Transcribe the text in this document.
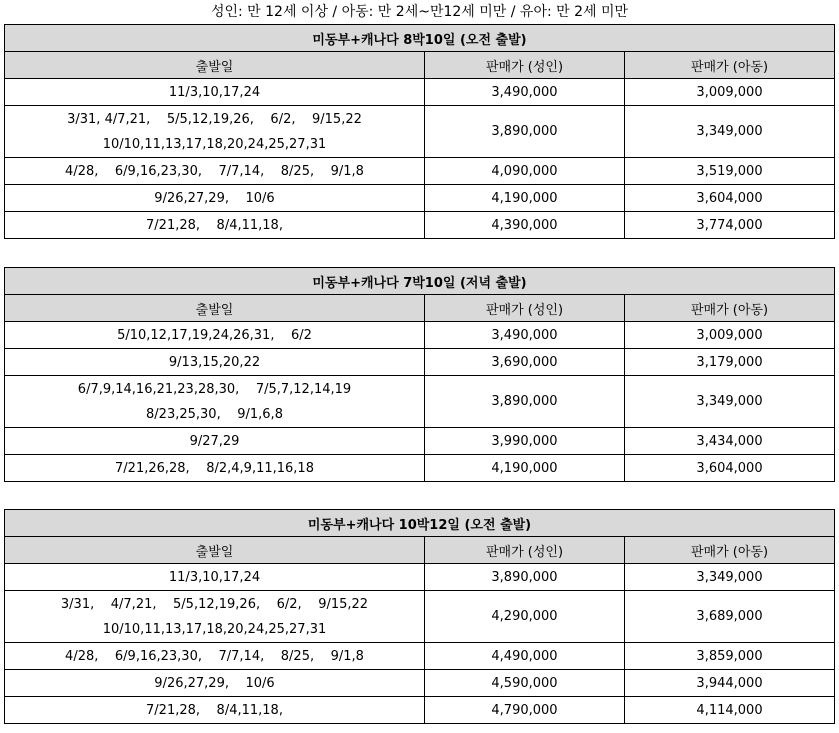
성인: 만 12세 이상 / 아동: 만 2세~만12세 미만 / 유아: 만 2세 미만
미동부+캐나다 8박10일 (오전 출발)		
출발일	판매가 (성인)	판매가 (아동)

11/3,10,17,24	3,490,000	3,009,000

3/31, 4/7,21,    5/5,12,19,26,    6/2,    9/15,22
10/10,11,13,17,18,20,24,25,27,31	3,890,000	3,349,000

4/28,    6/9,16,23,30,    7/7,14,    8/25,    9/1,8	4,090,000	3,519,000

9/26,27,29,    10/6	4,190,000	3,604,000

7/21,28,    8/4,11,18,	4,390,000	3,774,000
미동부+캐나다 7박10일 (저녁 출발)		
출발일	판매가 (성인)	판매가 (아동)

5/10,12,17,19,24,26,31,    6/2	3,490,000	3,009,000

9/13,15,20,22	3,690,000	3,179,000

6/7,9,14,16,21,23,28,30,    7/5,7,12,14,19
8/23,25,30,    9/1,6,8	3,890,000	3,349,000

9/27,29	3,990,000	3,434,000

7/21,26,28,    8/2,4,9,11,16,18	4,190,000	3,604,000
미동부+캐나다 10박12일 (오전 출발)		
출발일	판매가 (성인)	판매가 (아동)

11/3,10,17,24	3,890,000	3,349,000

3/31,    4/7,21,    5/5,12,19,26,    6/2,    9/15,22
10/10,11,13,17,18,20,24,25,27,31	4,290,000	3,689,000

4/28,    6/9,16,23,30,    7/7,14,    8/25,    9/1,8	4,490,000	3,859,000

9/26,27,29,    10/6	4,590,000	3,944,000

7/21,28,    8/4,11,18,	4,790,000	4,114,000
